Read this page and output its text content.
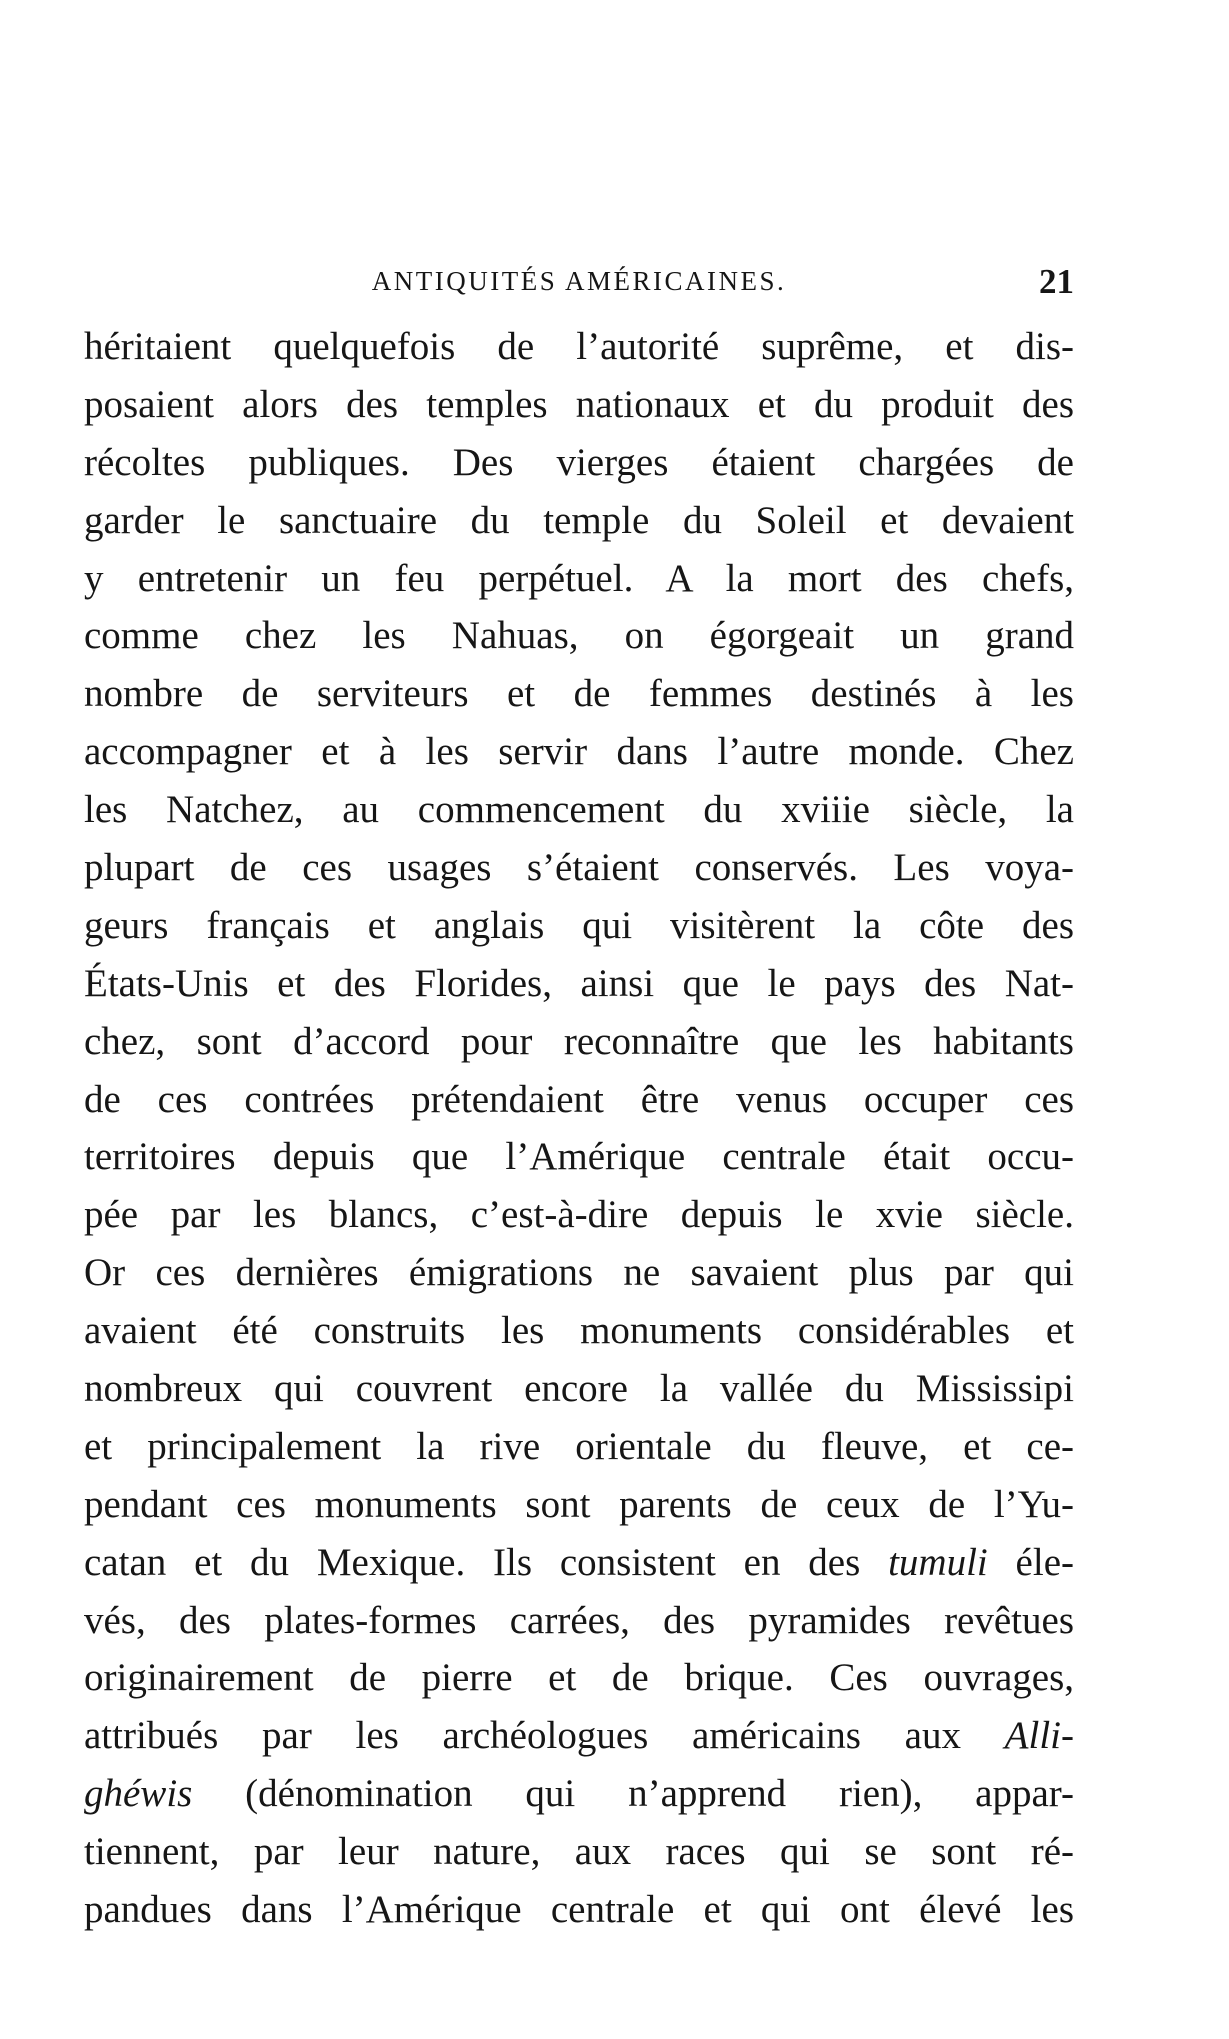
ANTIQUITÉS AMÉRICAINES.	21
héritaient quelquefois de l’autorité suprême, et dis-
posaient alors des temples nationaux et du produit des
récoltes publiques. Des vierges étaient chargées de
garder le sanctuaire du temple du Soleil et devaient
y entretenir un feu perpétuel. A la mort des chefs,
comme chez les Nahuas, on égorgeait un grand
nombre de serviteurs et de femmes destinés à les
accompagner et à les servir dans l’autre monde. Chez
les Natchez, au commencement du xviiie siècle, la
plupart de ces usages s’étaient conservés. Les voya-
geurs français et anglais qui visitèrent la côte des
États-Unis et des Florides, ainsi que le pays des Nat-
chez, sont d’accord pour reconnaître que les habitants
de ces contrées prétendaient être venus occuper ces
territoires depuis que l’Amérique centrale était occu-
pée par les blancs, c’est-à-dire depuis le xvie siècle.
Or ces dernières émigrations ne savaient plus par qui
avaient été construits les monuments considérables et
nombreux qui couvrent encore la vallée du Mississipi
et principalement la rive orientale du fleuve, et ce-
pendant ces monuments sont parents de ceux de l’Yu-
catan et du Mexique. Ils consistent en des tumuli éle-
vés, des plates-formes carrées, des pyramides revêtues
originairement de pierre et de brique. Ces ouvrages,
attribués par les archéologues américains aux Alli-
ghéwis (dénomination qui n’apprend rien), appar-
tiennent, par leur nature, aux races qui se sont ré-
pandues dans l’Amérique centrale et qui ont élevé les
